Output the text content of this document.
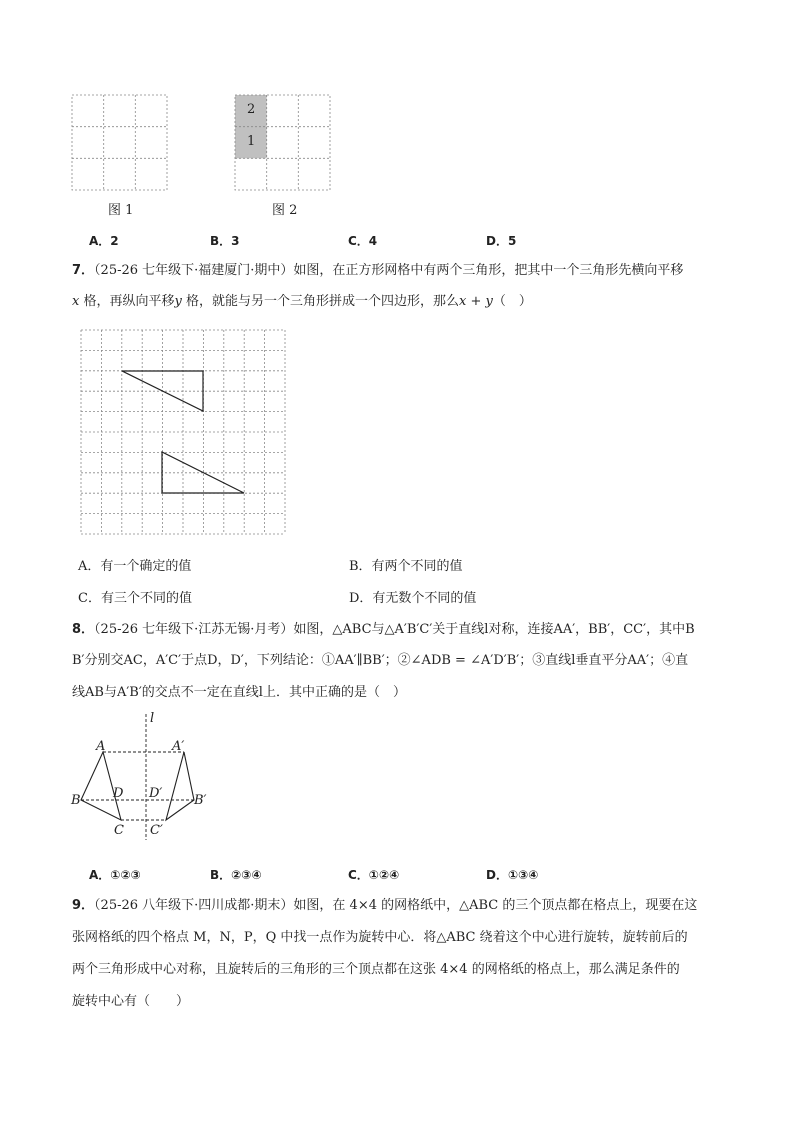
图 1
2
1
图 2
A．2	B．3	C．4	D．5
7．（25-26 七年级下·福建厦门·期中）如图，在正方形网格中有两个三角形，把其中一个三角形先横向平移
x 格，再纵向平移y 格，就能与另一个三角形拼成一个四边形，那么x + y（　）
A．有一个确定的值	B．有两个不同的值
C．有三个不同的值	D．有无数个不同的值
8．（25-26 七年级下·江苏无锡·月考）如图，△ABC与△A′B′C′关于直线l对称，连接AA′，BB′，CC′，其中B
B′分别交AC，A′C′于点D，D′，下列结论：①AA′∥BB′；②∠ADB = ∠A′D′B′；③直线l垂直平分AA′；④直
线AB与A′B′的交点不一定在直线l上．其中正确的是（　）
l
A	A′
B	B′
D D′
C C′
A．①②③	B．②③④	C．①②④	D．①③④
9．（25-26 八年级下·四川成都·期末）如图，在 4×4 的网格纸中，△ABC 的三个顶点都在格点上，现要在这
张网格纸的四个格点 M，N，P，Q 中找一点作为旋转中心．将△ABC 绕着这个中心进行旋转，旋转前后的
两个三角形成中心对称，且旋转后的三角形的三个顶点都在这张 4×4 的网格纸的格点上，那么满足条件的
旋转中心有（　　）
